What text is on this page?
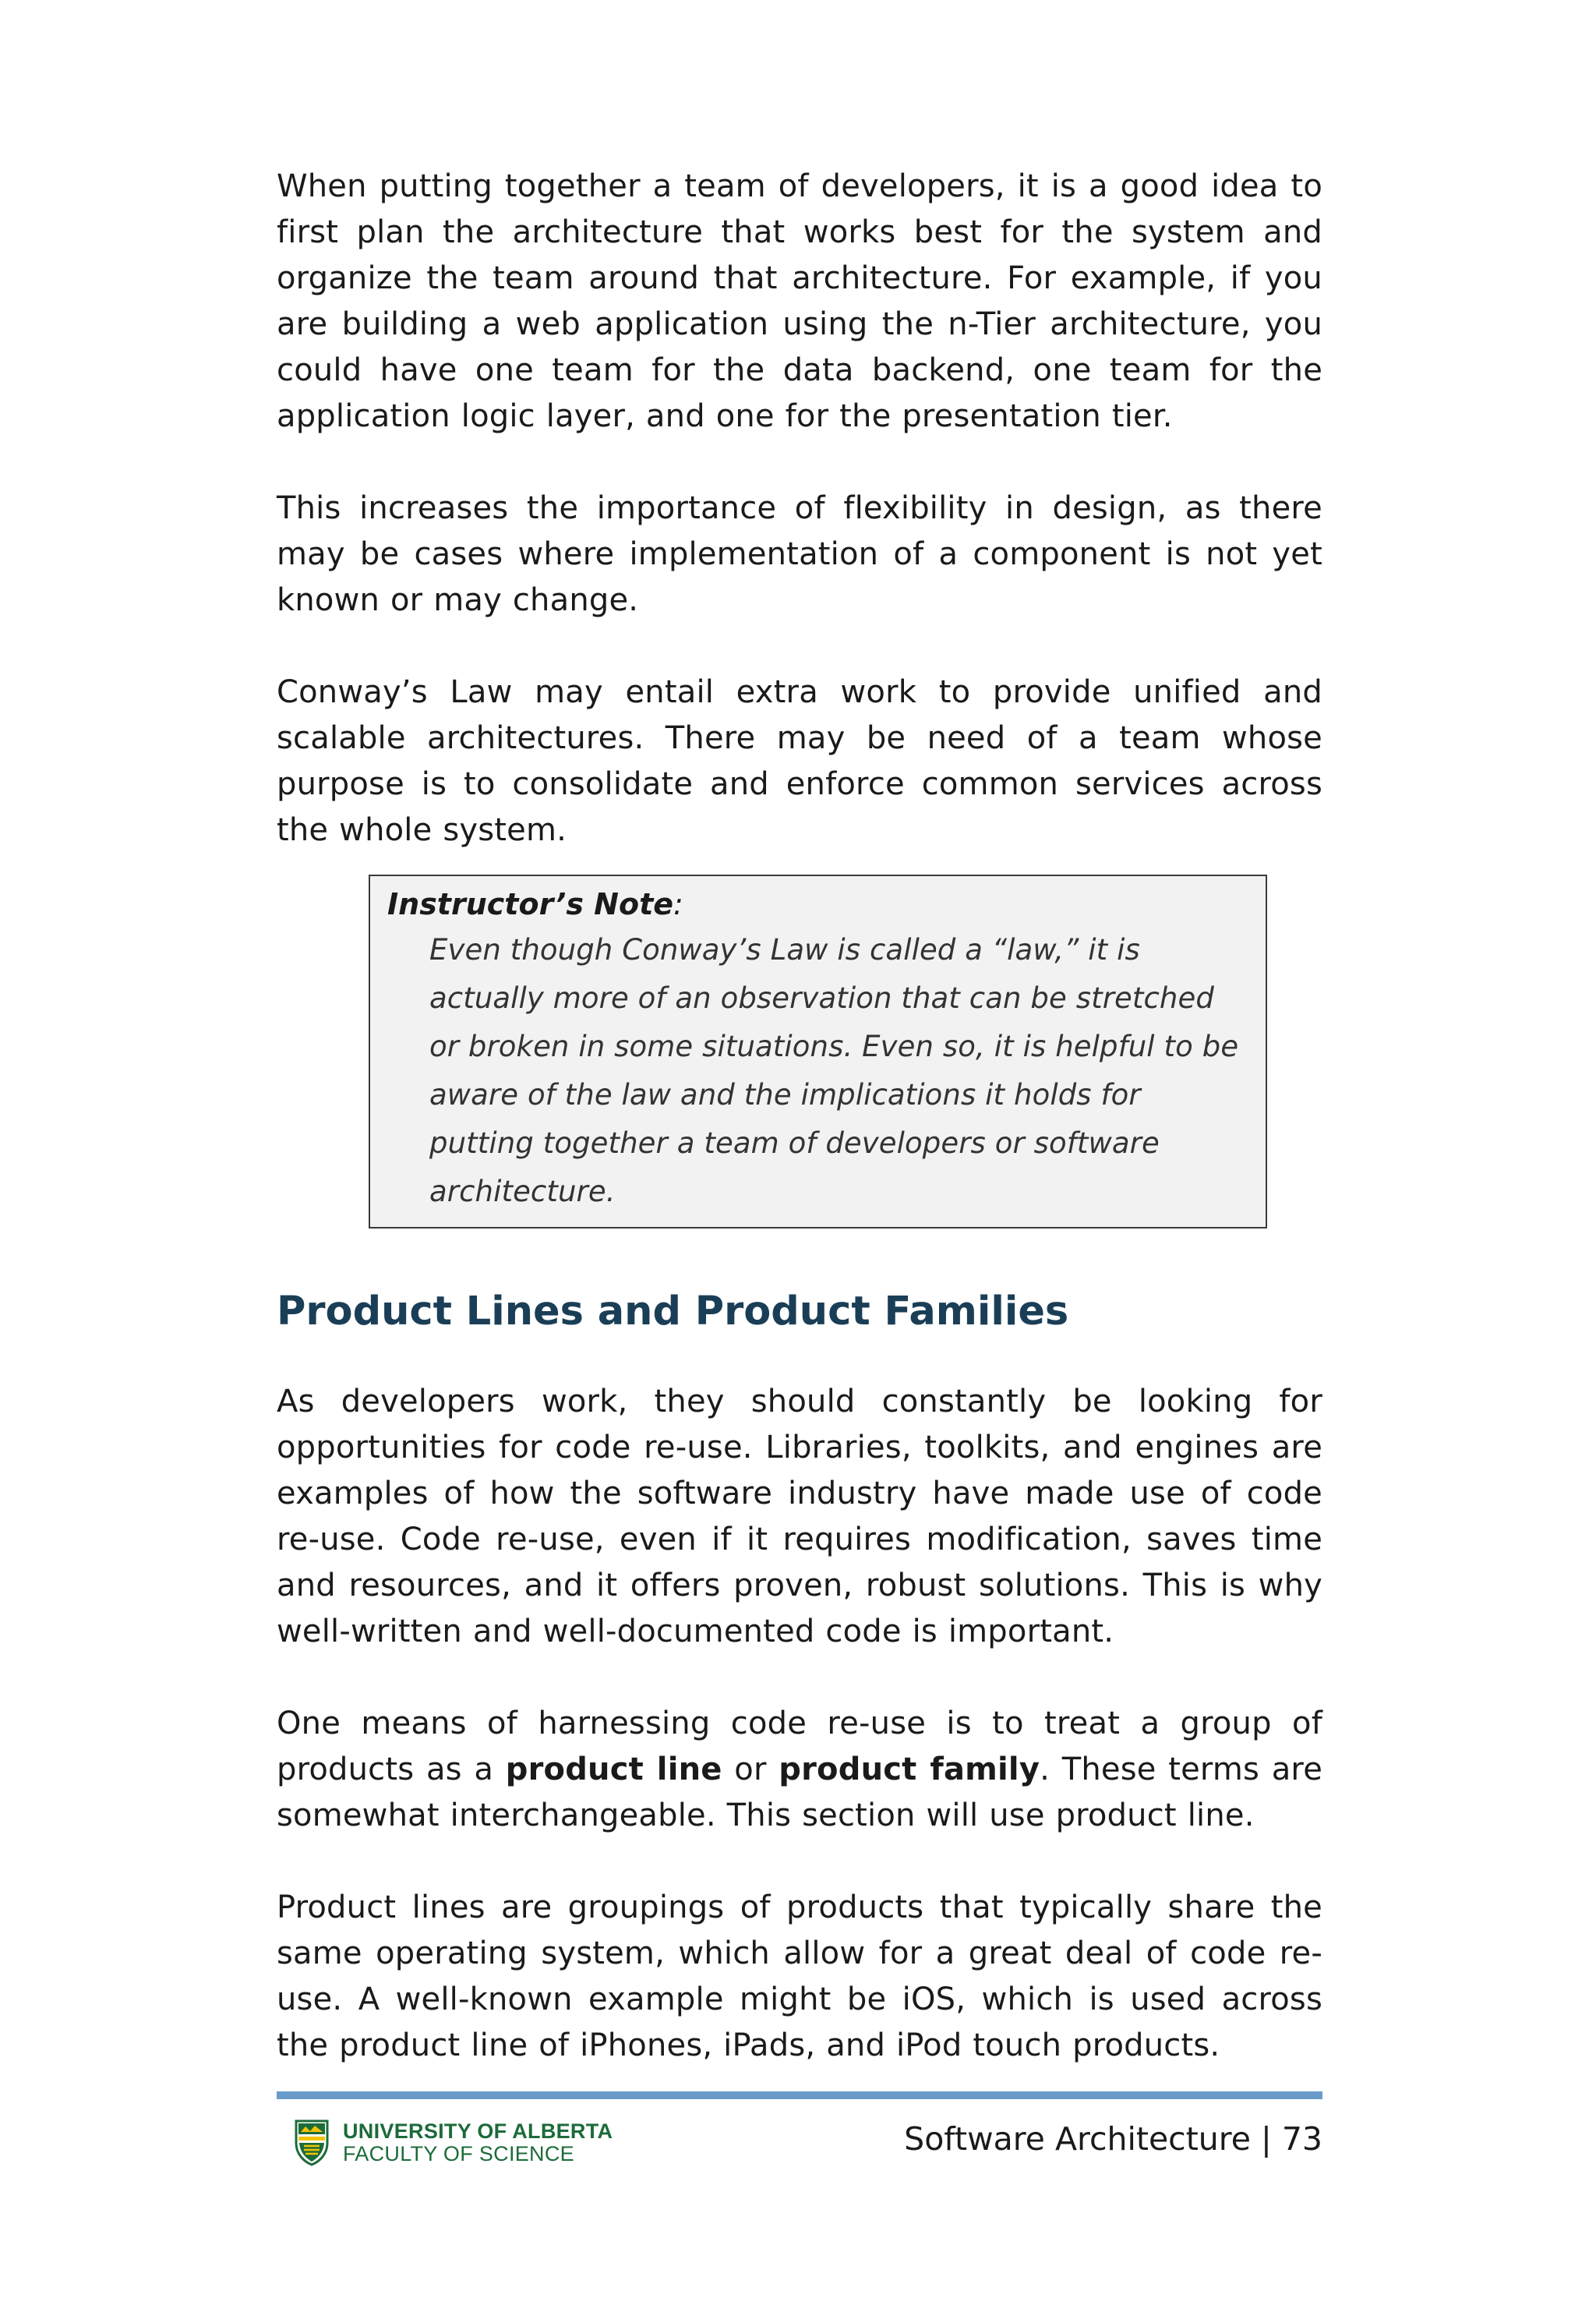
When putting together a team of developers, it is a good idea to first plan the architecture that works best for the system and organize the team around that architecture. For example, if you are building a web application using the n-Tier architecture, you could have one team for the data backend, one team for the application logic layer, and one for the presentation tier.

This increases the importance of flexibility in design, as there may be cases where implementation of a component is not yet known or may change.

Conway’s Law may entail extra work to provide unified and scalable architectures. There may be need of a team whose purpose is to consolidate and enforce common services across the whole system.

Instructor’s Note:
Even though Conway’s Law is called a “law,” it is actually more of an observation that can be stretched or broken in some situations. Even so, it is helpful to be aware of the law and the implications it holds for putting together a team of developers or software architecture.
Product Lines and Product Families

As developers work, they should constantly be looking for opportunities for code re-use. Libraries, toolkits, and engines are examples of how the software industry have made use of code re-use. Code re-use, even if it requires modification, saves time and resources, and it offers proven, robust solutions. This is why well-written and well-documented code is important.

One means of harnessing code re-use is to treat a group of products as a product line or product family. These terms are somewhat interchangeable. This section will use product line.

Product lines are groupings of products that typically share the same operating system, which allow for a great deal of code re-use. A well-known example might be iOS, which is used across the product line of iPhones, iPads, and iPod touch products.

UNIVERSITY OF ALBERTA
FACULTY OF SCIENCE	Software Architecture | 73
